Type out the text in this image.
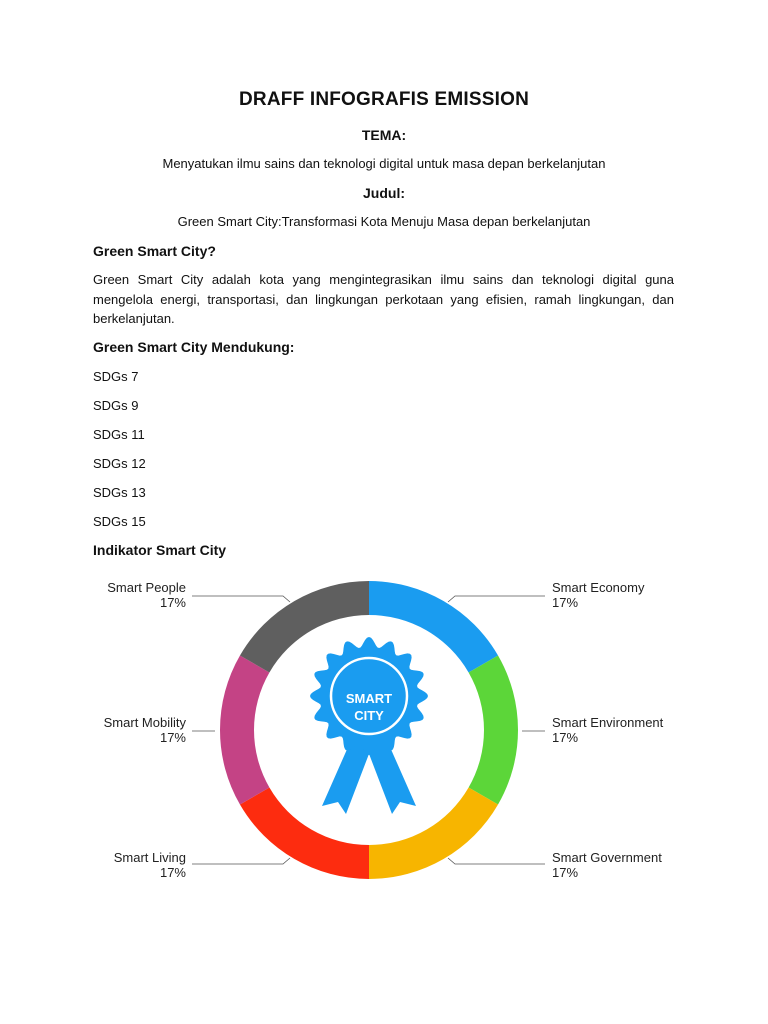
DRAFF INFOGRAFIS EMISSION
TEMA:
Menyatukan ilmu sains dan teknologi digital untuk masa depan berkelanjutan
Judul:
Green Smart City:Transformasi Kota Menuju Masa depan berkelanjutan
Green Smart City?
Green Smart City adalah kota yang mengintegrasikan ilmu sains dan teknologi digital guna mengelola energi, transportasi, dan lingkungan perkotaan yang efisien, ramah lingkungan, dan berkelanjutan.
Green Smart City Mendukung:
SDGs 7
SDGs 9
SDGs 11
SDGs 12
SDGs 13
SDGs 15
Indikator Smart City
Smart Economy
17%
Smart Environment
17%
Smart Government
17%
Smart Living
17%
Smart Mobility
17%
Smart People
17%
SMART
CITY
